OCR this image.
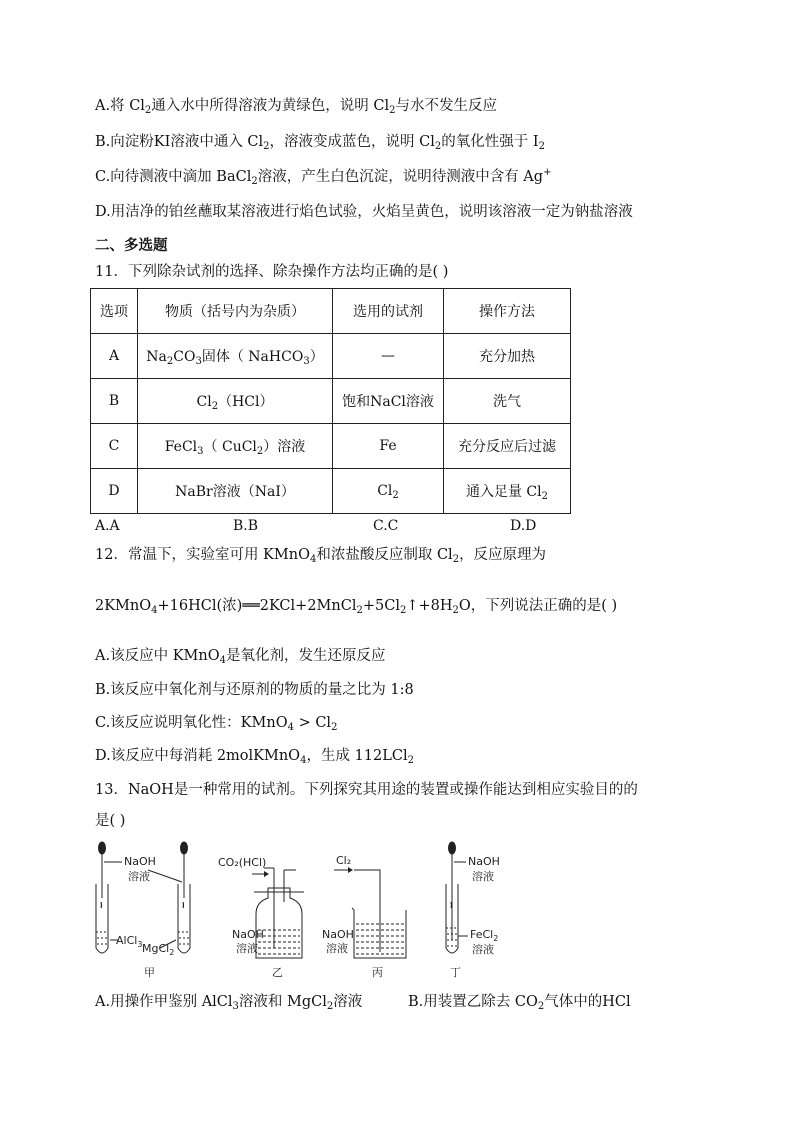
A.将 $Cl_2$通入水中所得溶液为黄绿色，说明 $Cl_2$与水不发生反应
B.向淀粉KI溶液中通入 $Cl_2$，溶液变成蓝色，说明 $Cl_2$的氧化性强于 $I_2$
C.向待测液中滴加 BaCl$_2$溶液，产生白色沉淀，说明待测液中含有 Ag+
D.用洁净的铂丝蘸取某溶液进行焰色试验，火焰呈黄色，说明该溶液一定为钠盐溶液
二、多选题
11．下列除杂试剂的选择、除杂操作方法均正确的是( )
选项	物质（括号内为杂质）	选用的试剂	操作方法
A	$Na_2CO_3$固体（ NaHCO$_3$）	—	充分加热
B	$Cl_2(HCl)$	饱和NaCl溶液	洗气
C	FeCl$_3$（ CuCl$_2$）溶液	Fe	充分反应后过滤
D	NaBr溶液（NaI）	$Cl_2$	通入足量 $Cl_2$
A.A	B.B	C.C	D.D
12．常温下，实验室可用 KMnO$_4$和浓盐酸反应制取 $Cl_2$，反应原理为
2KMnO$_4$+16HCl(浓)$══2KCl+2MnCl_2+5Cl_2↑+8H_2O$，下列说法正确的是( )
A.该反应中 KMnO$_4$是氧化剂，发生还原反应
B.该反应中氧化剂与还原剂的物质的量之比为 1:8
C.该反应说明氧化性：KMnO$_4$ > $Cl_2$
D.该反应中每消耗 2molKMnO$_4$，生成 112LCl$_2$
13．NaOH是一种常用的试剂。下列探究其用途的装置或操作能达到相应实验目的的
是( )
NaOH
溶液
AlCl$_3$ MgCl$_2$
甲
CO₂(HCl)
NaOH
溶液
乙
Cl₂
NaOH
溶液
丙
NaOH
溶液
FeCl$_2$
溶液
丁
A.用操作甲鉴别 AlCl$_3$溶液和 MgCl$_2$溶液	B.用装置乙除去 $CO_2$气体中的HCl
